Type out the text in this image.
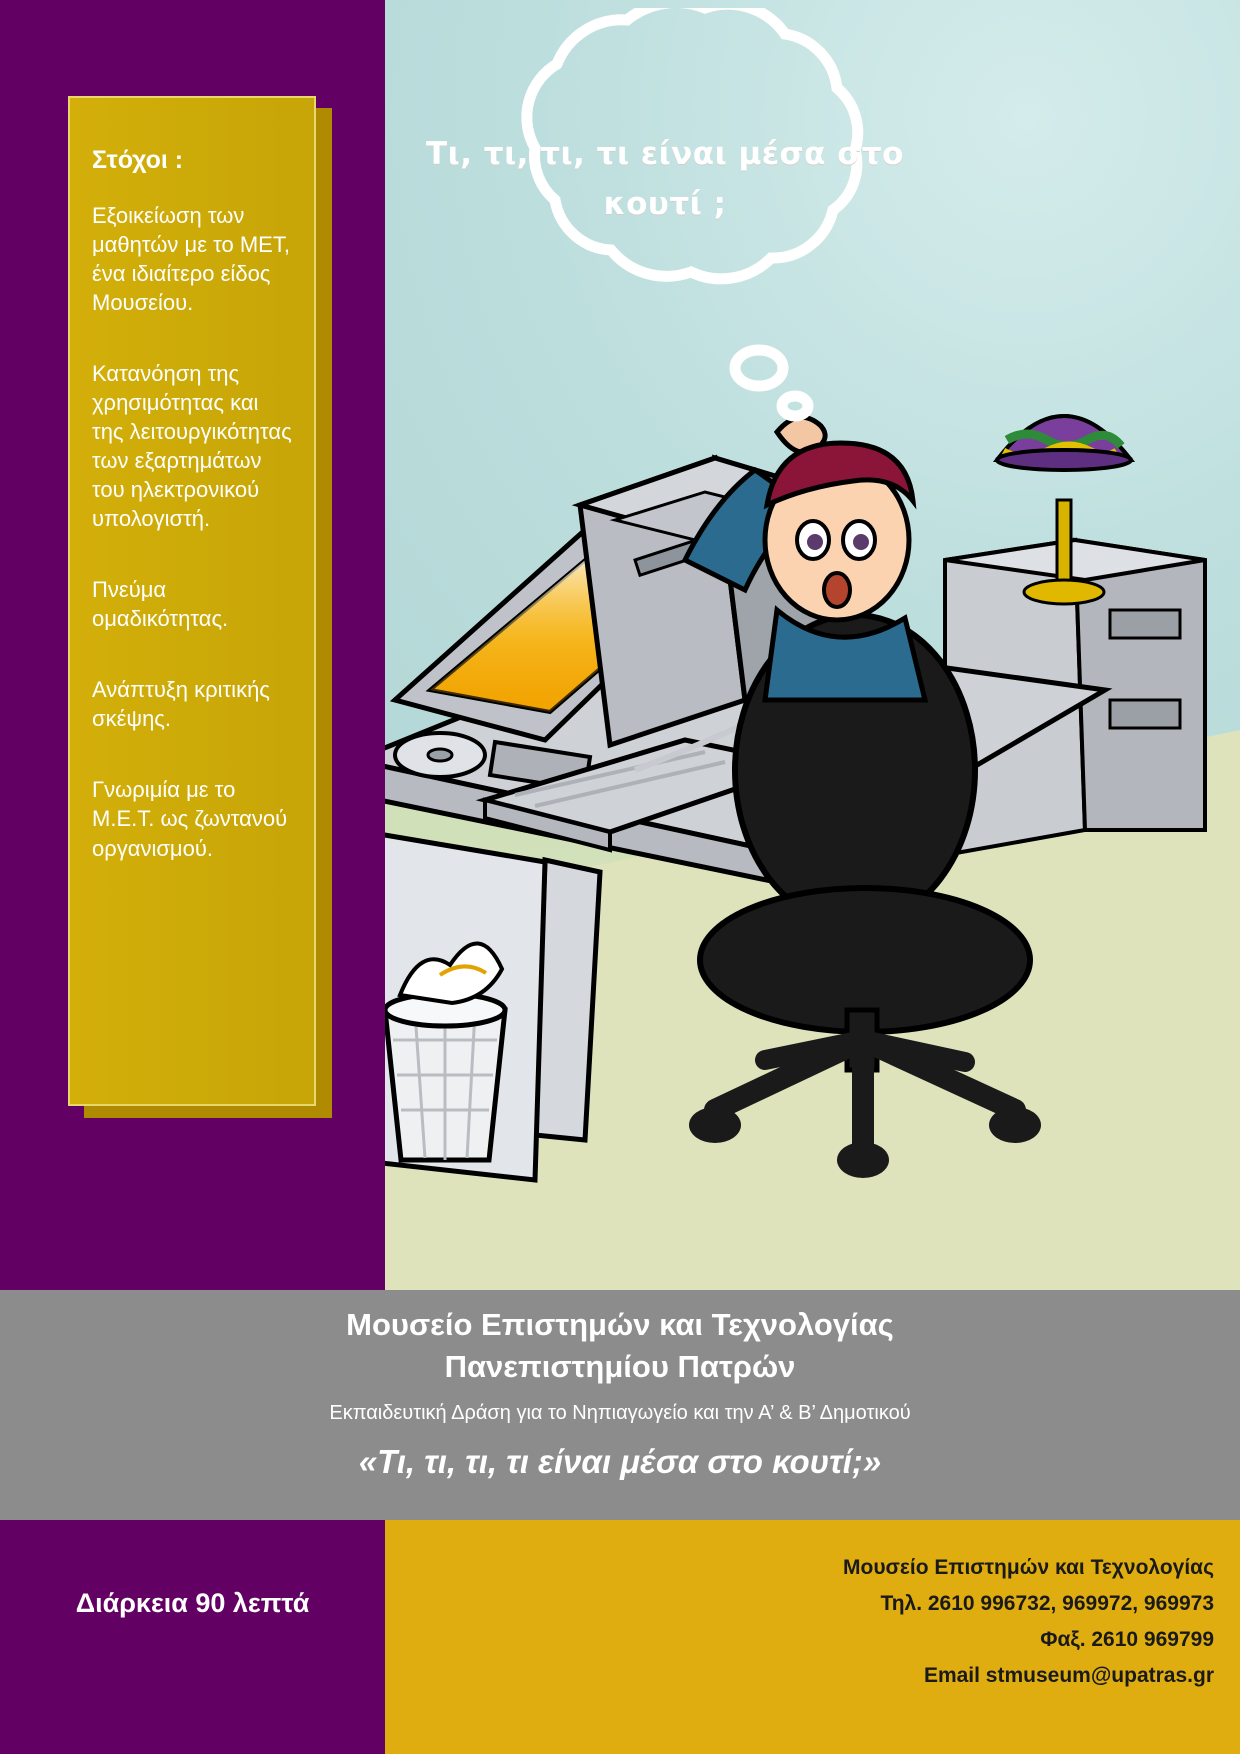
Τι, τι, τι, τι είναι μέσα στο κουτί ;
Στόχοι :
Εξοικείωση των μαθητών με το ΜΕΤ, ένα ιδιαίτερο είδος Μουσείου.
Κατανόηση της χρησιμότητας και της λειτουργικότητας των εξαρτημάτων του ηλεκτρονικού υπολογιστή.
Πνεύμα ομαδικότητας.
Ανάπτυξη κριτικής σκέψης.
Γνωριμία με το Μ.Ε.Τ. ως ζωντανού οργανισμού.
Μουσείο Επιστημών και Τεχνολογίας
Πανεπιστημίου Πατρών
Εκπαιδευτική Δράση για το Νηπιαγωγείο και την Α’ & Β’ Δημοτικού
«Τι, τι, τι, τι είναι μέσα στο κουτί;»
Διάρκεια 90 λεπτά
Μουσείο Επιστημών και Τεχνολογίας
Τηλ. 2610 996732, 969972, 969973
Φαξ. 2610 969799
Email stmuseum@upatras.gr
